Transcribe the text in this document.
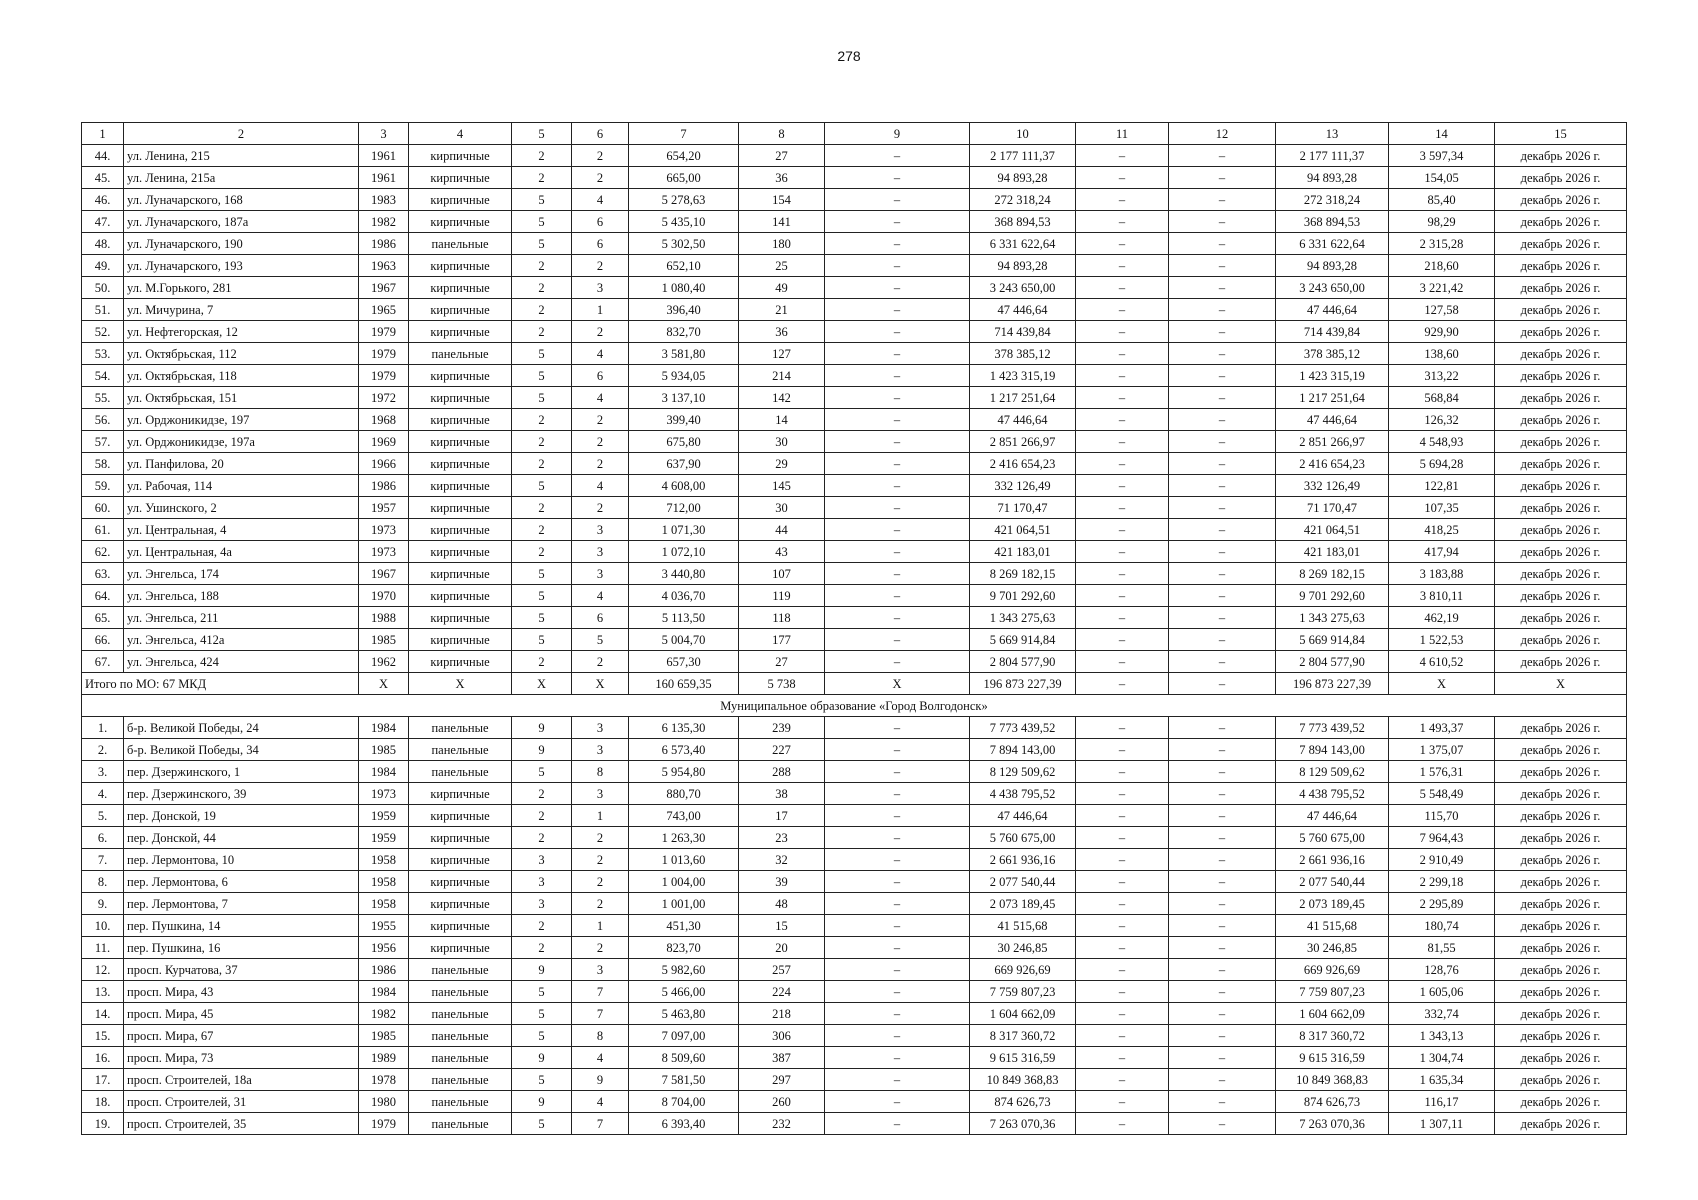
278
1	2	3	4	5	6	7	8	9	10	11	12	13	14	15
44.	ул. Ленина, 215	1961	кирпичные	2	2	654,20	27	–	2 177 111,37	–	–	2 177 111,37	3 597,34	декабрь 2026 г.
45.	ул. Ленина, 215а	1961	кирпичные	2	2	665,00	36	–	94 893,28	–	–	94 893,28	154,05	декабрь 2026 г.
46.	ул. Луначарского, 168	1983	кирпичные	5	4	5 278,63	154	–	272 318,24	–	–	272 318,24	85,40	декабрь 2026 г.
47.	ул. Луначарского, 187а	1982	кирпичные	5	6	5 435,10	141	–	368 894,53	–	–	368 894,53	98,29	декабрь 2026 г.
48.	ул. Луначарского, 190	1986	панельные	5	6	5 302,50	180	–	6 331 622,64	–	–	6 331 622,64	2 315,28	декабрь 2026 г.
49.	ул. Луначарского, 193	1963	кирпичные	2	2	652,10	25	–	94 893,28	–	–	94 893,28	218,60	декабрь 2026 г.
50.	ул. М.Горького, 281	1967	кирпичные	2	3	1 080,40	49	–	3 243 650,00	–	–	3 243 650,00	3 221,42	декабрь 2026 г.
51.	ул. Мичурина, 7	1965	кирпичные	2	1	396,40	21	–	47 446,64	–	–	47 446,64	127,58	декабрь 2026 г.
52.	ул. Нефтегорская, 12	1979	кирпичные	2	2	832,70	36	–	714 439,84	–	–	714 439,84	929,90	декабрь 2026 г.
53.	ул. Октябрьская, 112	1979	панельные	5	4	3 581,80	127	–	378 385,12	–	–	378 385,12	138,60	декабрь 2026 г.
54.	ул. Октябрьская, 118	1979	кирпичные	5	6	5 934,05	214	–	1 423 315,19	–	–	1 423 315,19	313,22	декабрь 2026 г.
55.	ул. Октябрьская, 151	1972	кирпичные	5	4	3 137,10	142	–	1 217 251,64	–	–	1 217 251,64	568,84	декабрь 2026 г.
56.	ул. Орджоникидзе, 197	1968	кирпичные	2	2	399,40	14	–	47 446,64	–	–	47 446,64	126,32	декабрь 2026 г.
57.	ул. Орджоникидзе, 197а	1969	кирпичные	2	2	675,80	30	–	2 851 266,97	–	–	2 851 266,97	4 548,93	декабрь 2026 г.
58.	ул. Панфилова, 20	1966	кирпичные	2	2	637,90	29	–	2 416 654,23	–	–	2 416 654,23	5 694,28	декабрь 2026 г.
59.	ул. Рабочая, 114	1986	кирпичные	5	4	4 608,00	145	–	332 126,49	–	–	332 126,49	122,81	декабрь 2026 г.
60.	ул. Ушинского, 2	1957	кирпичные	2	2	712,00	30	–	71 170,47	–	–	71 170,47	107,35	декабрь 2026 г.
61.	ул. Центральная, 4	1973	кирпичные	2	3	1 071,30	44	–	421 064,51	–	–	421 064,51	418,25	декабрь 2026 г.
62.	ул. Центральная, 4а	1973	кирпичные	2	3	1 072,10	43	–	421 183,01	–	–	421 183,01	417,94	декабрь 2026 г.
63.	ул. Энгельса, 174	1967	кирпичные	5	3	3 440,80	107	–	8 269 182,15	–	–	8 269 182,15	3 183,88	декабрь 2026 г.
64.	ул. Энгельса, 188	1970	кирпичные	5	4	4 036,70	119	–	9 701 292,60	–	–	9 701 292,60	3 810,11	декабрь 2026 г.
65.	ул. Энгельса, 211	1988	кирпичные	5	6	5 113,50	118	–	1 343 275,63	–	–	1 343 275,63	462,19	декабрь 2026 г.
66.	ул. Энгельса, 412а	1985	кирпичные	5	5	5 004,70	177	–	5 669 914,84	–	–	5 669 914,84	1 522,53	декабрь 2026 г.
67.	ул. Энгельса, 424	1962	кирпичные	2	2	657,30	27	–	2 804 577,90	–	–	2 804 577,90	4 610,52	декабрь 2026 г.
Итого по МО: 67 МКД		X	X	X	X	160 659,35	5 738	X	196 873 227,39	–	–	196 873 227,39	X	X
Муниципальное образование «Город Волгодонск»														
1.	б-р. Великой Победы, 24	1984	панельные	9	3	6 135,30	239	–	7 773 439,52	–	–	7 773 439,52	1 493,37	декабрь 2026 г.
2.	б-р. Великой Победы, 34	1985	панельные	9	3	6 573,40	227	–	7 894 143,00	–	–	7 894 143,00	1 375,07	декабрь 2026 г.
3.	пер. Дзержинского, 1	1984	панельные	5	8	5 954,80	288	–	8 129 509,62	–	–	8 129 509,62	1 576,31	декабрь 2026 г.
4.	пер. Дзержинского, 39	1973	кирпичные	2	3	880,70	38	–	4 438 795,52	–	–	4 438 795,52	5 548,49	декабрь 2026 г.
5.	пер. Донской, 19	1959	кирпичные	2	1	743,00	17	–	47 446,64	–	–	47 446,64	115,70	декабрь 2026 г.
6.	пер. Донской, 44	1959	кирпичные	2	2	1 263,30	23	–	5 760 675,00	–	–	5 760 675,00	7 964,43	декабрь 2026 г.
7.	пер. Лермонтова, 10	1958	кирпичные	3	2	1 013,60	32	–	2 661 936,16	–	–	2 661 936,16	2 910,49	декабрь 2026 г.
8.	пер. Лермонтова, 6	1958	кирпичные	3	2	1 004,00	39	–	2 077 540,44	–	–	2 077 540,44	2 299,18	декабрь 2026 г.
9.	пер. Лермонтова, 7	1958	кирпичные	3	2	1 001,00	48	–	2 073 189,45	–	–	2 073 189,45	2 295,89	декабрь 2026 г.
10.	пер. Пушкина, 14	1955	кирпичные	2	1	451,30	15	–	41 515,68	–	–	41 515,68	180,74	декабрь 2026 г.
11.	пер. Пушкина, 16	1956	кирпичные	2	2	823,70	20	–	30 246,85	–	–	30 246,85	81,55	декабрь 2026 г.
12.	просп. Курчатова, 37	1986	панельные	9	3	5 982,60	257	–	669 926,69	–	–	669 926,69	128,76	декабрь 2026 г.
13.	просп. Мира, 43	1984	панельные	5	7	5 466,00	224	–	7 759 807,23	–	–	7 759 807,23	1 605,06	декабрь 2026 г.
14.	просп. Мира, 45	1982	панельные	5	7	5 463,80	218	–	1 604 662,09	–	–	1 604 662,09	332,74	декабрь 2026 г.
15.	просп. Мира, 67	1985	панельные	5	8	7 097,00	306	–	8 317 360,72	–	–	8 317 360,72	1 343,13	декабрь 2026 г.
16.	просп. Мира, 73	1989	панельные	9	4	8 509,60	387	–	9 615 316,59	–	–	9 615 316,59	1 304,74	декабрь 2026 г.
17.	просп. Строителей, 18а	1978	панельные	5	9	7 581,50	297	–	10 849 368,83	–	–	10 849 368,83	1 635,34	декабрь 2026 г.
18.	просп. Строителей, 31	1980	панельные	9	4	8 704,00	260	–	874 626,73	–	–	874 626,73	116,17	декабрь 2026 г.
19.	просп. Строителей, 35	1979	панельные	5	7	6 393,40	232	–	7 263 070,36	–	–	7 263 070,36	1 307,11	декабрь 2026 г.
